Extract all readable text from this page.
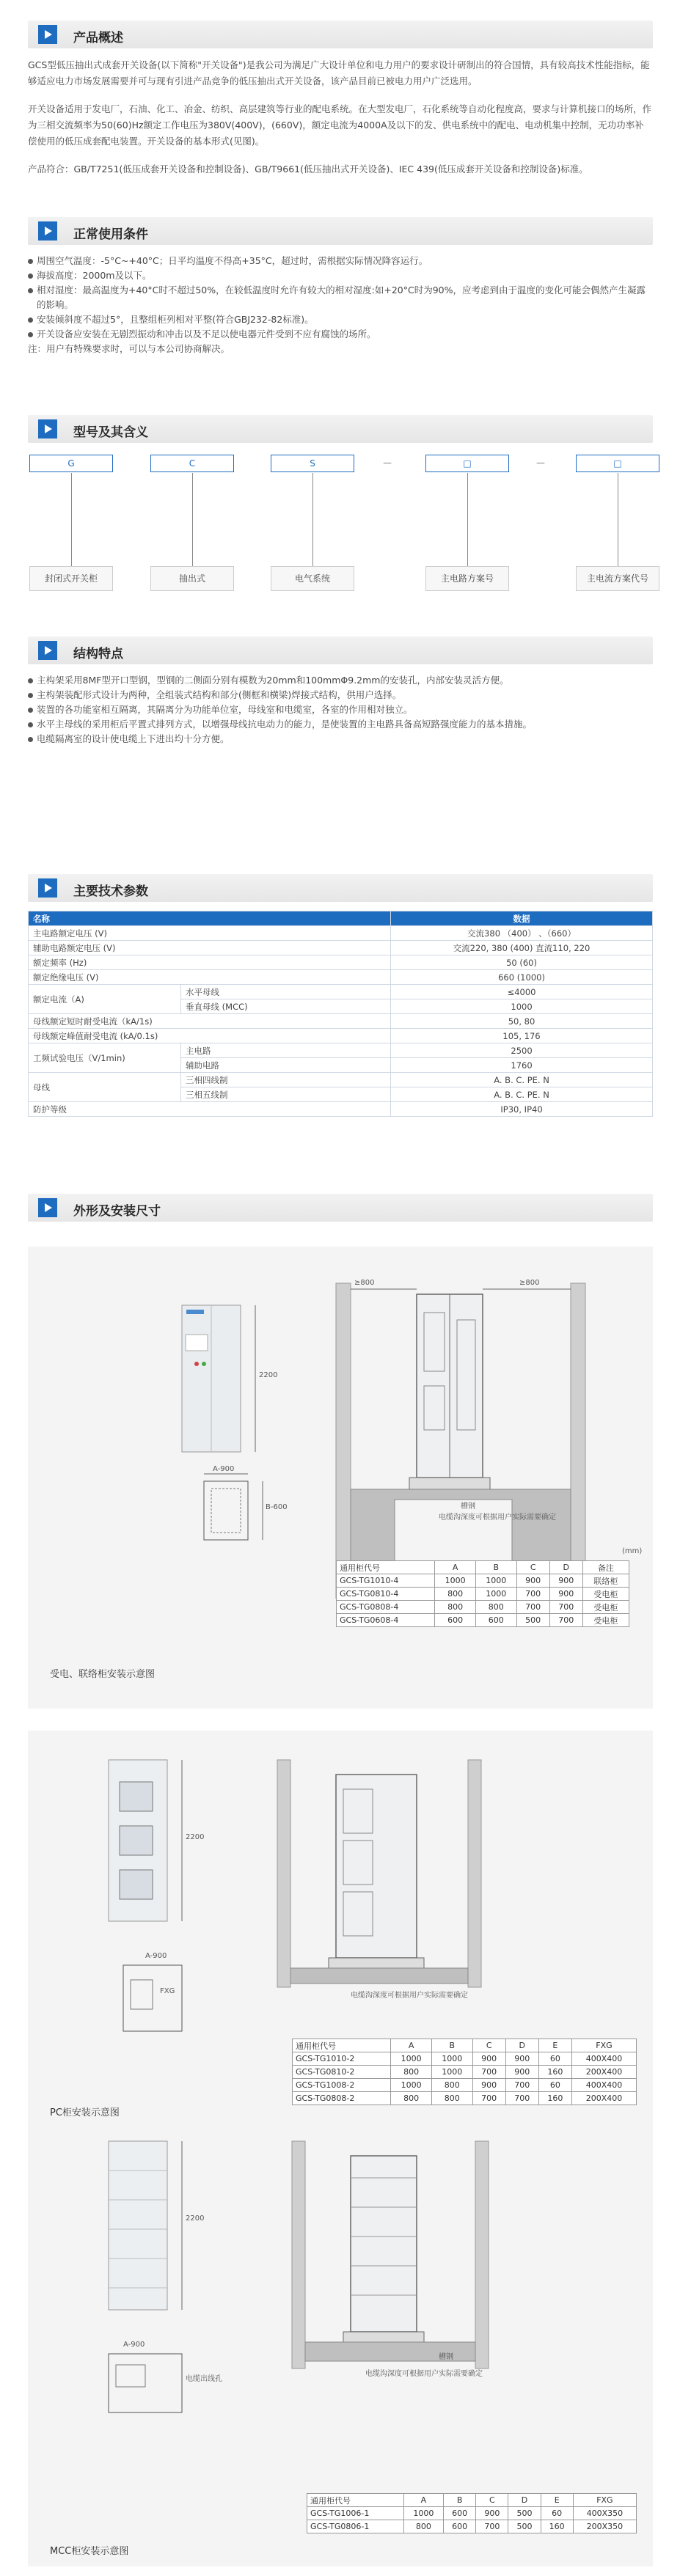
产品概述
GCS型低压抽出式成套开关设备(以下简称"开关设备")是我公司为满足广大设计单位和电力用户的要求设计研制出的符合国情，具有较高技术性能指标，能够适应电力市场发展需要并可与现有引进产品竞争的低压抽出式开关设备，该产品目前已被电力用户广泛选用。
开关设备适用于发电厂，石油、化工、冶金、纺织、高层建筑等行业的配电系统。在大型发电厂，石化系统等自动化程度高，要求与计算机接口的场所，作为三相交流频率为50(60)Hz额定工作电压为380V(400V)，(660V)，额定电流为4000A及以下的发、供电系统中的配电、电动机集中控制，无功功率补偿使用的低压成套配电装置。开关设备的基本形式(见图)。
产品符合：GB/T7251(低压成套开关设备和控制设备)、GB/T9661(低压抽出式开关设备)、IEC 439(低压成套开关设备和控制设备)标准。
正常使用条件
周围空气温度：-5°C~+40°C；日平均温度不得高+35°C，超过时，需根据实际情况降容运行。
海拔高度：2000m及以下。
相对湿度：最高温度为+40°C时不超过50%，在较低温度时允许有较大的相对湿度:如+20°C时为90%，应考虑到由于温度的变化可能会偶然产生凝露的影响。
安装倾斜度不超过5°，且整组柜列相对平整(符合GBJ232-82标准)。
开关设备应安装在无剧烈振动和冲击以及不足以使电器元件受到不应有腐蚀的场所。
注：用户有特殊要求时，可以与本公司协商解决。
型号及其含义
G	C	S	－	□	－	□
封闭式开关柜	抽出式	电气系统	主电路方案号	主电流方案代号
结构特点
主构架采用8MF型开口型钢，型钢的二侧面分别有模数为20mm和100mmΦ9.2mm的安装孔，内部安装灵活方便。
主构架装配形式设计为两种，全组装式结构和部分(侧框和横梁)焊接式结构，供用户选择。
装置的各功能室相互隔离，其隔离分为功能单位室，母线室和电缆室，各室的作用相对独立。
水平主母线的采用柜后平置式排列方式，以增强母线抗电动力的能力，是使装置的主电路具备高短路强度能力的基本措施。
电缆隔离室的设计使电缆上下进出均十分方便。
主要技术参数
名称		数据
主电路额定电压 (V)		交流380 （400） 、（660）
辅助电路额定电压 (V)		交流220, 380 (400) 直流110, 220
额定频率 (Hz)		50 (60)
额定绝缘电压 (V)		660 (1000)
额定电流（A)	水平母线	≤4000
	垂直母线 (MCC)	1000
母线额定短时耐受电流（kA/1s)		50, 80
母线额定峰值耐受电流 (kA/0.1s)		105, 176
工频试验电压（V/1min)	主电路	2500
	辅助电路	1760
母线	三相四线制	A. B. C. PE. N
	三相五线制	A. B. C. PE. N
防护等级		IP30, IP40
外形及安装尺寸
≥800	≥800
2200
槽钢
电缆沟深度可根据用户实际需要确定
A-900
B-600
(mm)
通用柜代号	A	B	C	D	备注
GCS-TG1010-4	1000	1000	900	900	联络柜
GCS-TG0810-4	800	1000	700	900	受电柜
GCS-TG0808-4	800	800	700	700	受电柜
GCS-TG0608-4	600	600	500	700	受电柜
受电、联络柜安装示意图
2200
A-900
FXG
电缆沟深度可根据用户实际需要确定
2200
A-900
电缆出线孔
槽钢
电缆沟深度可根据用户实际需要确定
通用柜代号	A	B	C	D	E	FXG
GCS-TG1010-2	1000	1000	900	900	60	400X400
GCS-TG0810-2	800	1000	700	900	160	200X400
GCS-TG1008-2	1000	800	900	700	60	400X400
GCS-TG0808-2	800	800	700	700	160	200X400
PC柜安装示意图
通用柜代号	A	B	C	D	E	FXG
GCS-TG1006-1	1000	600	900	500	60	400X350
GCS-TG0806-1	800	600	700	500	160	200X350
MCC柜安装示意图
